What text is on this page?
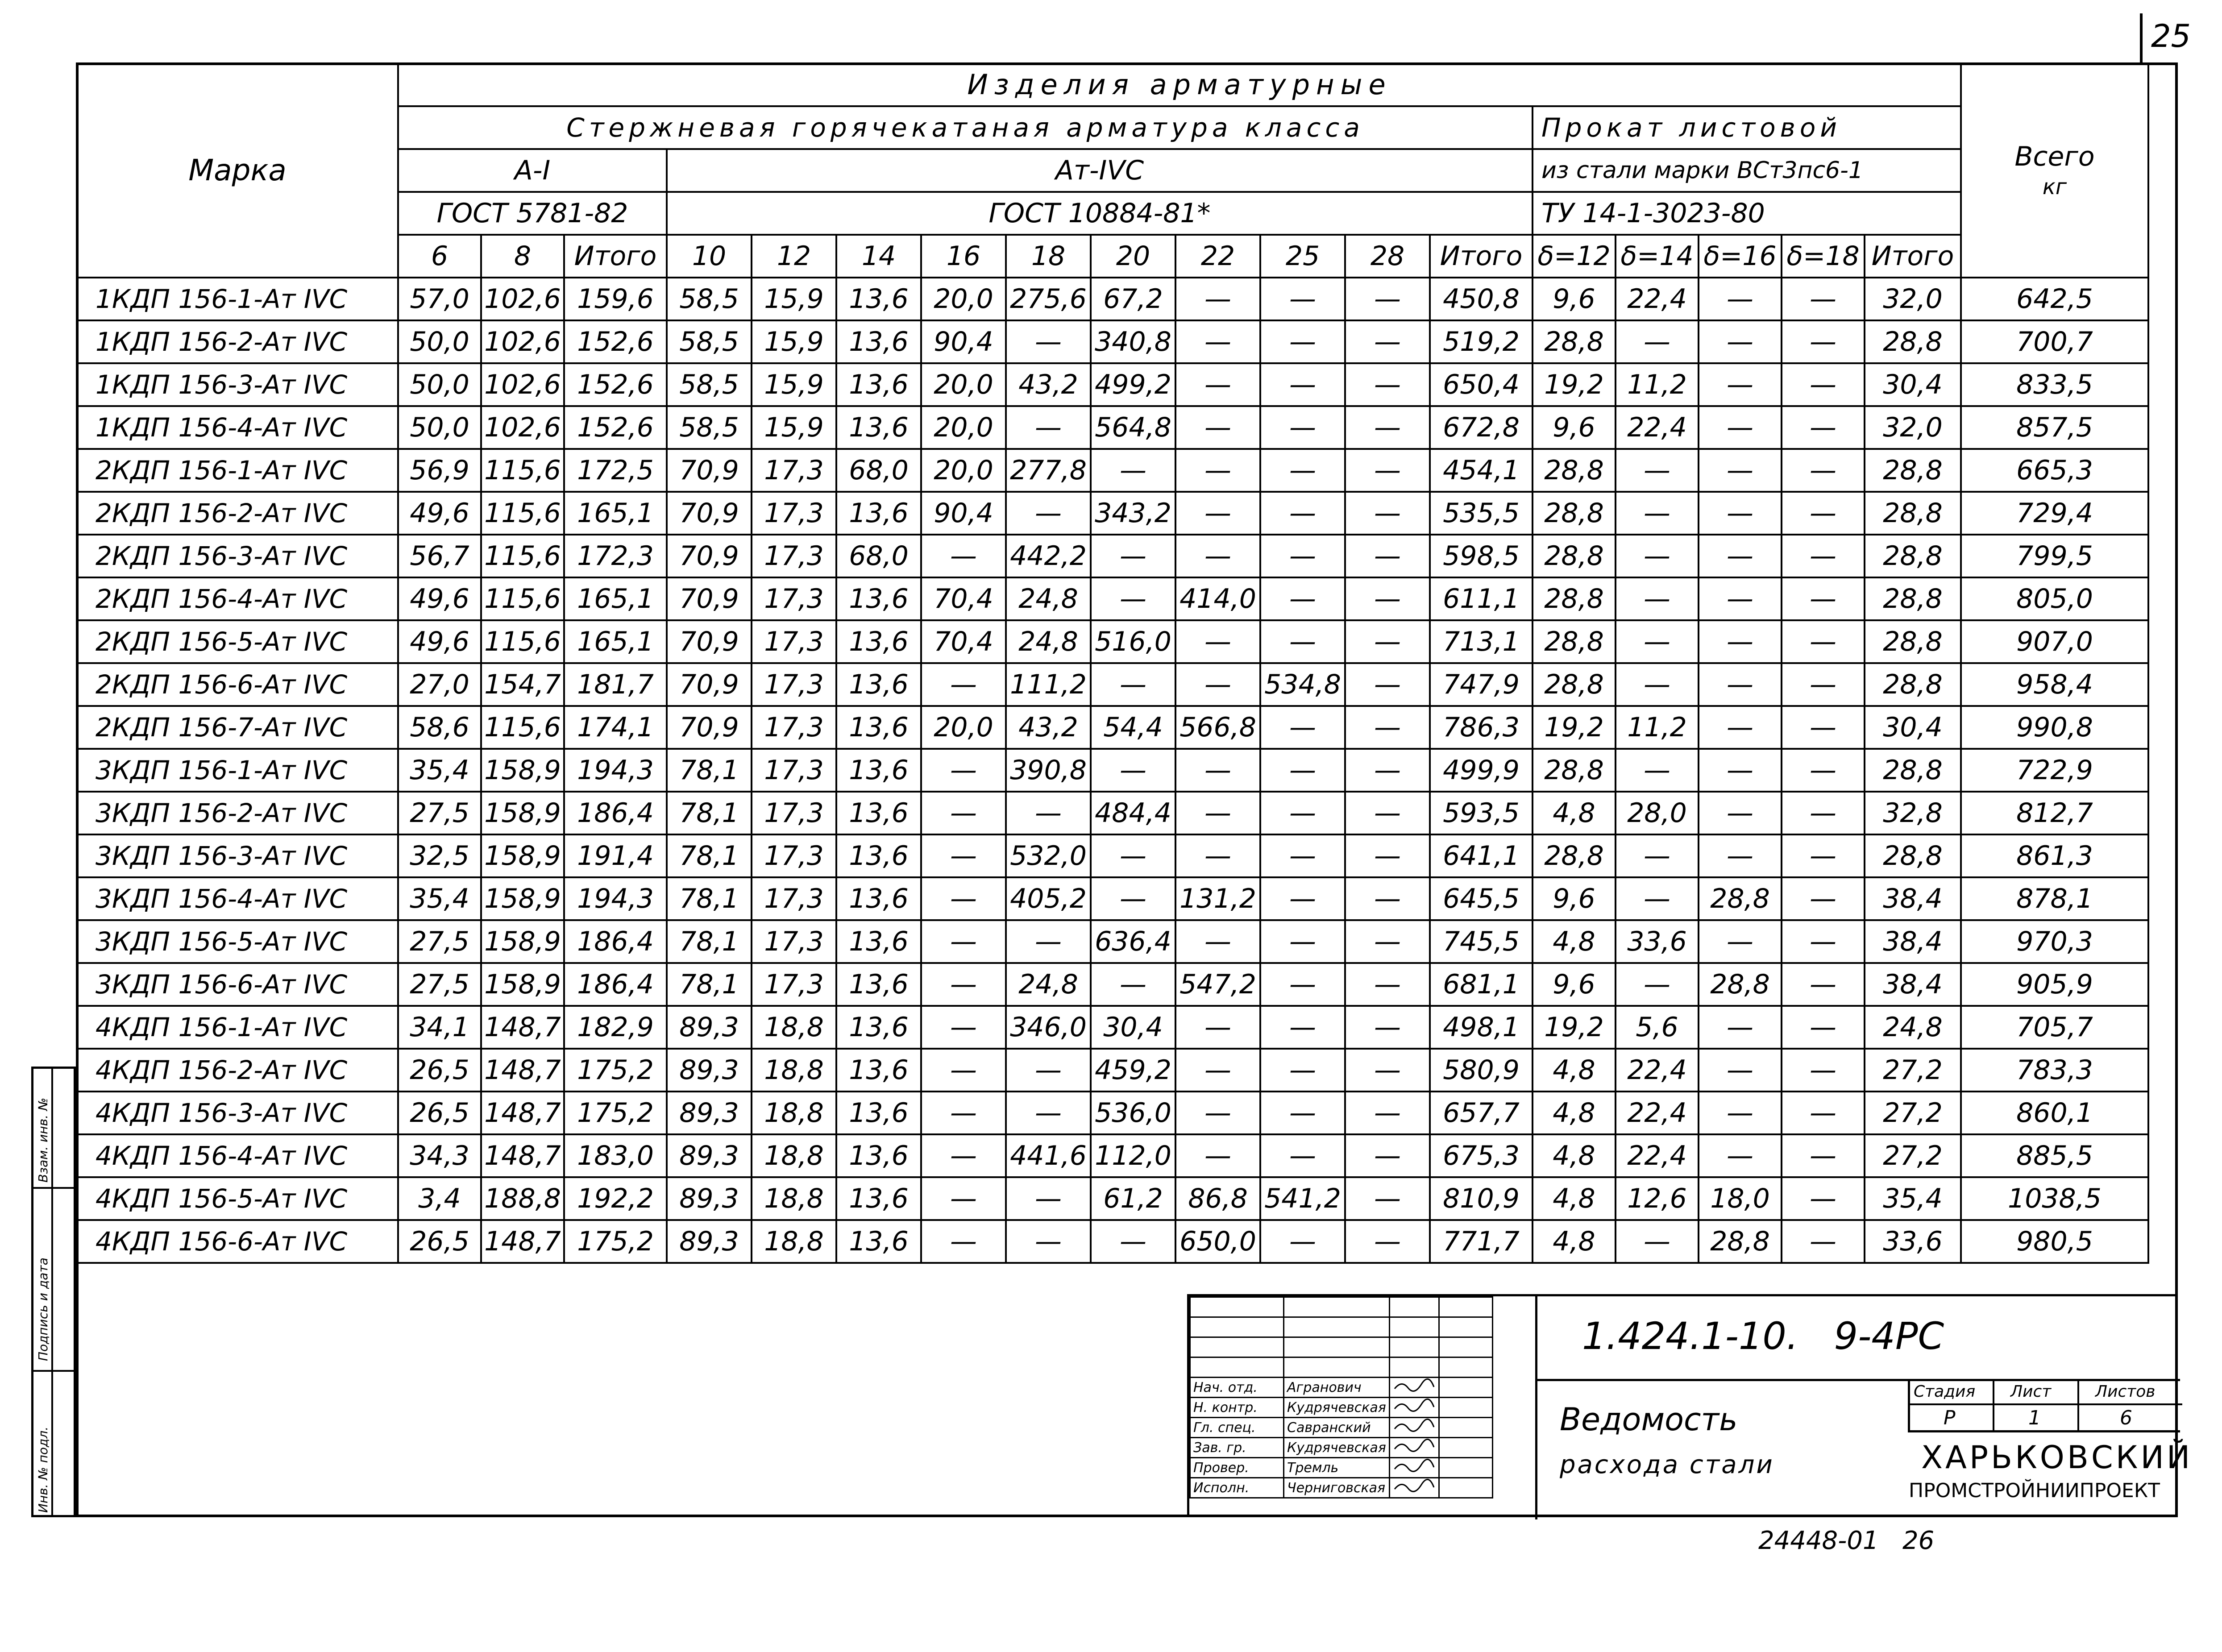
25
Взам. инв. №
Подпись и дата
Инв. № подл.
Марка	Изделия арматурные																		Всего
кг

	Стержневая горячекатаная арматура класса													Прокат листовой					
	А-I			Ат-IVС										из стали марки ВСт3пс6-1					
	ГОСТ 5781-82			ГОСТ 10884-81*										ТУ 14-1-3023-80					
	6	8	Итого	10	12	14	16	18	20	22	25	28	Итого	δ=12	δ=14	δ=16	δ=18	Итого	
1КДП 156-1-Ат IVС	57,0	102,6	159,6	58,5	15,9	13,6	20,0	275,6	67,2	—	—	—	450,8	9,6	22,4	—	—	32,0	642,5
1КДП 156-2-Ат IVС	50,0	102,6	152,6	58,5	15,9	13,6	90,4	—	340,8	—	—	—	519,2	28,8	—	—	—	28,8	700,7
1КДП 156-3-Ат IVС	50,0	102,6	152,6	58,5	15,9	13,6	20,0	43,2	499,2	—	—	—	650,4	19,2	11,2	—	—	30,4	833,5
1КДП 156-4-Ат IVС	50,0	102,6	152,6	58,5	15,9	13,6	20,0	—	564,8	—	—	—	672,8	9,6	22,4	—	—	32,0	857,5
2КДП 156-1-Ат IVС	56,9	115,6	172,5	70,9	17,3	68,0	20,0	277,8	—	—	—	—	454,1	28,8	—	—	—	28,8	665,3
2КДП 156-2-Ат IVС	49,6	115,6	165,1	70,9	17,3	13,6	90,4	—	343,2	—	—	—	535,5	28,8	—	—	—	28,8	729,4
2КДП 156-3-Ат IVС	56,7	115,6	172,3	70,9	17,3	68,0	—	442,2	—	—	—	—	598,5	28,8	—	—	—	28,8	799,5
2КДП 156-4-Ат IVС	49,6	115,6	165,1	70,9	17,3	13,6	70,4	24,8	—	414,0	—	—	611,1	28,8	—	—	—	28,8	805,0
2КДП 156-5-Ат IVС	49,6	115,6	165,1	70,9	17,3	13,6	70,4	24,8	516,0	—	—	—	713,1	28,8	—	—	—	28,8	907,0
2КДП 156-6-Ат IVС	27,0	154,7	181,7	70,9	17,3	13,6	—	111,2	—	—	534,8	—	747,9	28,8	—	—	—	28,8	958,4
2КДП 156-7-Ат IVС	58,6	115,6	174,1	70,9	17,3	13,6	20,0	43,2	54,4	566,8	—	—	786,3	19,2	11,2	—	—	30,4	990,8
3КДП 156-1-Ат IVС	35,4	158,9	194,3	78,1	17,3	13,6	—	390,8	—	—	—	—	499,9	28,8	—	—	—	28,8	722,9
3КДП 156-2-Ат IVС	27,5	158,9	186,4	78,1	17,3	13,6	—	—	484,4	—	—	—	593,5	4,8	28,0	—	—	32,8	812,7
3КДП 156-3-Ат IVС	32,5	158,9	191,4	78,1	17,3	13,6	—	532,0	—	—	—	—	641,1	28,8	—	—	—	28,8	861,3
3КДП 156-4-Ат IVС	35,4	158,9	194,3	78,1	17,3	13,6	—	405,2	—	131,2	—	—	645,5	9,6	—	28,8	—	38,4	878,1
3КДП 156-5-Ат IVС	27,5	158,9	186,4	78,1	17,3	13,6	—	—	636,4	—	—	—	745,5	4,8	33,6	—	—	38,4	970,3
3КДП 156-6-Ат IVС	27,5	158,9	186,4	78,1	17,3	13,6	—	24,8	—	547,2	—	—	681,1	9,6	—	28,8	—	38,4	905,9
4КДП 156-1-Ат IVС	34,1	148,7	182,9	89,3	18,8	13,6	—	346,0	30,4	—	—	—	498,1	19,2	5,6	—	—	24,8	705,7
4КДП 156-2-Ат IVС	26,5	148,7	175,2	89,3	18,8	13,6	—	—	459,2	—	—	—	580,9	4,8	22,4	—	—	27,2	783,3
4КДП 156-3-Ат IVС	26,5	148,7	175,2	89,3	18,8	13,6	—	—	536,0	—	—	—	657,7	4,8	22,4	—	—	27,2	860,1
4КДП 156-4-Ат IVС	34,3	148,7	183,0	89,3	18,8	13,6	—	441,6	112,0	—	—	—	675,3	4,8	22,4	—	—	27,2	885,5
4КДП 156-5-Ат IVС	3,4	188,8	192,2	89,3	18,8	13,6	—	—	61,2	86,8	541,2	—	810,9	4,8	12,6	18,0	—	35,4	1038,5
4КДП 156-6-Ат IVС	26,5	148,7	175,2	89,3	18,8	13,6	—	—	—	650,0	—	—	771,7	4,8	—	28,8	—	33,6	980,5

Нач. отд.	Агранович		
Н. контр.	Кудрячевская		
Гл. спец.	Савранский		
Зав. гр.	Кудрячевская		
Провер.	Тремль		
Исполн.	Черниговская		
1.424.1-10.   9-4РС
Ведомость
расхода стали
Стадия Лист	Листов
Р	1	6
ХАРЬКОВСКИЙ
ПРОМСТРОЙНИИПРОЕКТ
24448-01   26
